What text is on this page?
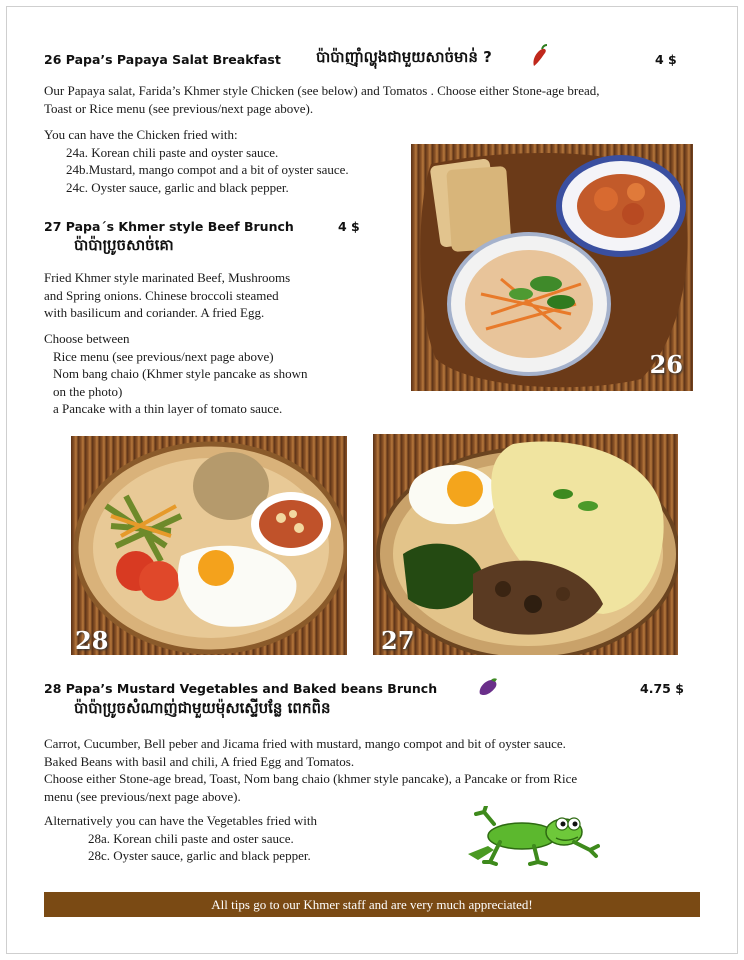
26 Papa’s Papaya Salat Breakfast ប៉ាប៉ាញ៉ាំល្ហុងជាមួយសាច់មាន់ ?	4 $
Our Papaya salat, Farida’s Khmer style Chicken (see below) and Tomatos . Choose either Stone-age bread,
Toast or Rice menu (see previous/next page above).
You can have the Chicken fried with:
24a. Korean chili paste and oyster sauce.
24b.Mustard, mango compot and a bit of oyster sauce.
24c. Oyster sauce, garlic and black pepper.
26
27 Papa´s Khmer style Beef Brunch	4 $
ប៉ាប៉ាប្រូចសាច់គោ
Fried Khmer style marinated Beef, Mushrooms
and Spring onions. Chinese broccoli steamed
with basilicum and coriander. A fried Egg.
Choose between
Rice menu (see previous/next page above)
Nom bang chaio (Khmer style pancake as shown
on the photo)
a Pancake with a thin layer of tomato sauce.
28	27
28 Papa’s Mustard Vegetables and Baked beans Brunch	4.75 $
ប៉ាប៉ាប្រូចសំណាញ់ជាមួយម៉ុសស្ទើបន្លែ ពេកពិន
Carrot, Cucumber, Bell peber and Jicama fried with mustard, mango compot and bit of oyster sauce.
Baked Beans with basil and chili, A fried Egg and Tomatos.
Choose either Stone-age bread, Toast, Nom bang chaio (khmer style pancake), a Pancake or from Rice
menu (see previous/next page above).
Alternatively you can have the Vegetables fried with
28a. Korean chili paste and oster sauce.
28c. Oyster sauce, garlic and black pepper.
All tips go to our Khmer staff and are very much appreciated!
